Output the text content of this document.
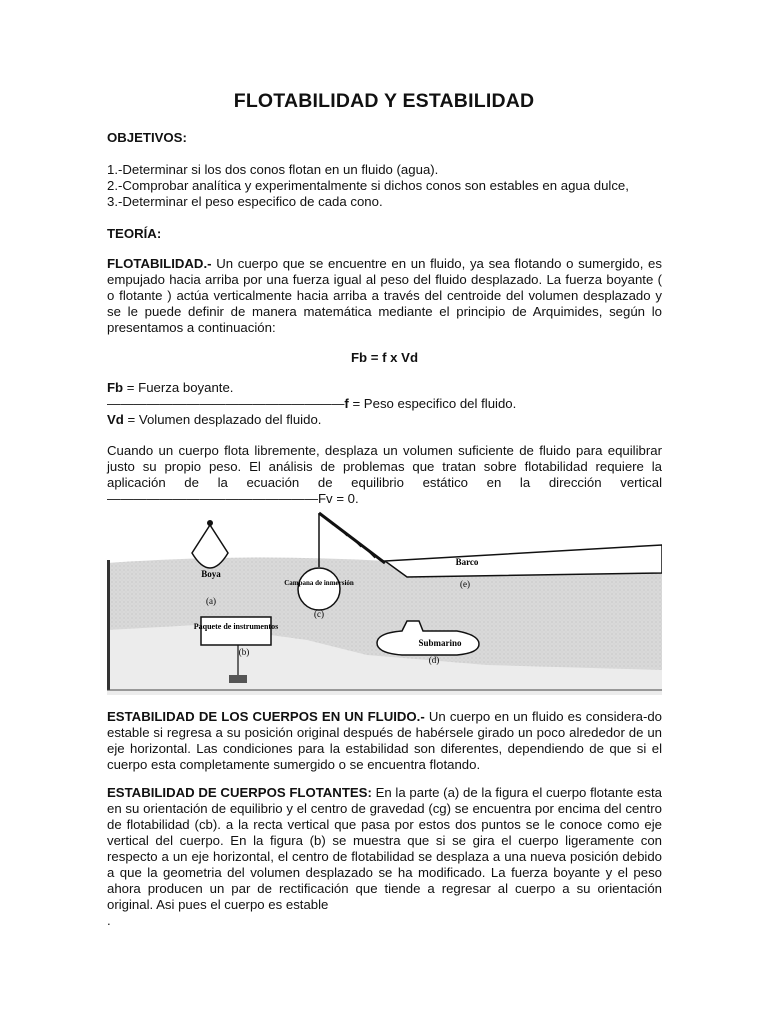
FLOTABILIDAD Y ESTABILIDAD
OBJETIVOS:
1.-Determinar si los dos conos flotan en un fluido (agua).
2.-Comprobar analítica y experimentalmente si dichos conos son estables en agua dulce,
3.-Determinar el peso especifico de cada cono.
TEORÍA:
FLOTABILIDAD.- Un cuerpo que se encuentre en un fluido, ya sea flotando o sumergido, es empujado hacia arriba por una fuerza igual al peso del fluido desplazado. La fuerza boyante ( o flotante ) actúa verticalmente hacia arriba a través del centroide del volumen desplazado y se le puede definir de manera matemática mediante el principio de Arquimides, según lo presentamos a continuación:
Fb = f x Vd
Fb = Fuerza boyante.
——————————————————f = Peso especifico del fluido.
Vd = Volumen desplazado del fluido.
Cuando un cuerpo flota libremente, desplaza un volumen suficiente de fluido para equilibrar justo su propio peso. El análisis de problemas que tratan sobre flotabilidad requiere la aplicación de la ecuación de equilibrio estático en la dirección vertical
————————————————Fv = 0.
Boya
(a)
Campana de inmersión
(c)
Barco
(e)
Paquete de instrumentos
(b)
Submarino
(d)
ESTABILIDAD DE LOS CUERPOS EN UN FLUIDO.- Un cuerpo en un fluido es considera-do estable si regresa a su posición original después de habérsele girado un poco alrededor de un eje horizontal. Las condiciones para la estabilidad son diferentes, dependiendo de que si el cuerpo esta completamente sumergido o se encuentra flotando.
ESTABILIDAD DE CUERPOS FLOTANTES: En la parte (a) de la figura el cuerpo flotante esta en su orientación de equilibrio y el centro de gravedad (cg) se encuentra por encima del centro de flotabilidad (cb). a la recta vertical que pasa por estos dos puntos se le conoce como eje vertical del cuerpo. En la figura (b) se muestra que si se gira el cuerpo ligeramente con respecto a un eje horizontal, el centro de flotabilidad se desplaza a una nueva posición debido a que la geometria del volumen desplazado se ha modificado. La fuerza boyante y el peso ahora producen un par de rectificación que tiende a regresar al cuerpo a su orientación original. Asi pues el cuerpo es estable
.
